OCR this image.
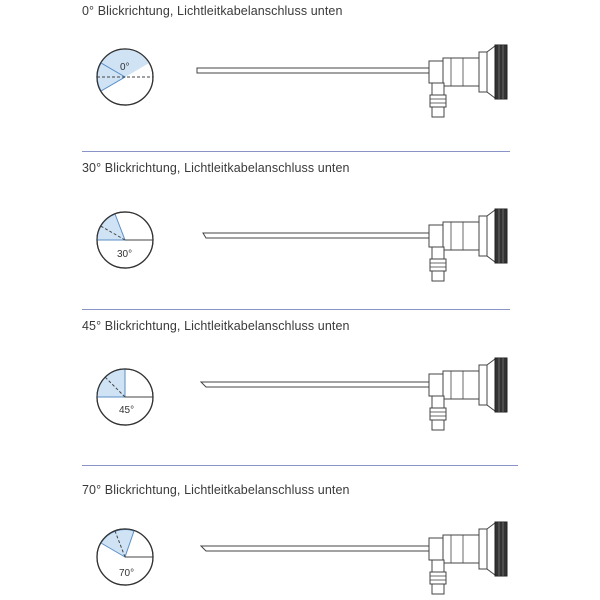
0° Blickrichtung, Lichtleitkabelanschluss unten
0°
30° Blickrichtung, Lichtleitkabelanschluss unten
30°
45° Blickrichtung, Lichtleitkabelanschluss unten
45°
70° Blickrichtung, Lichtleitkabelanschluss unten
70°
